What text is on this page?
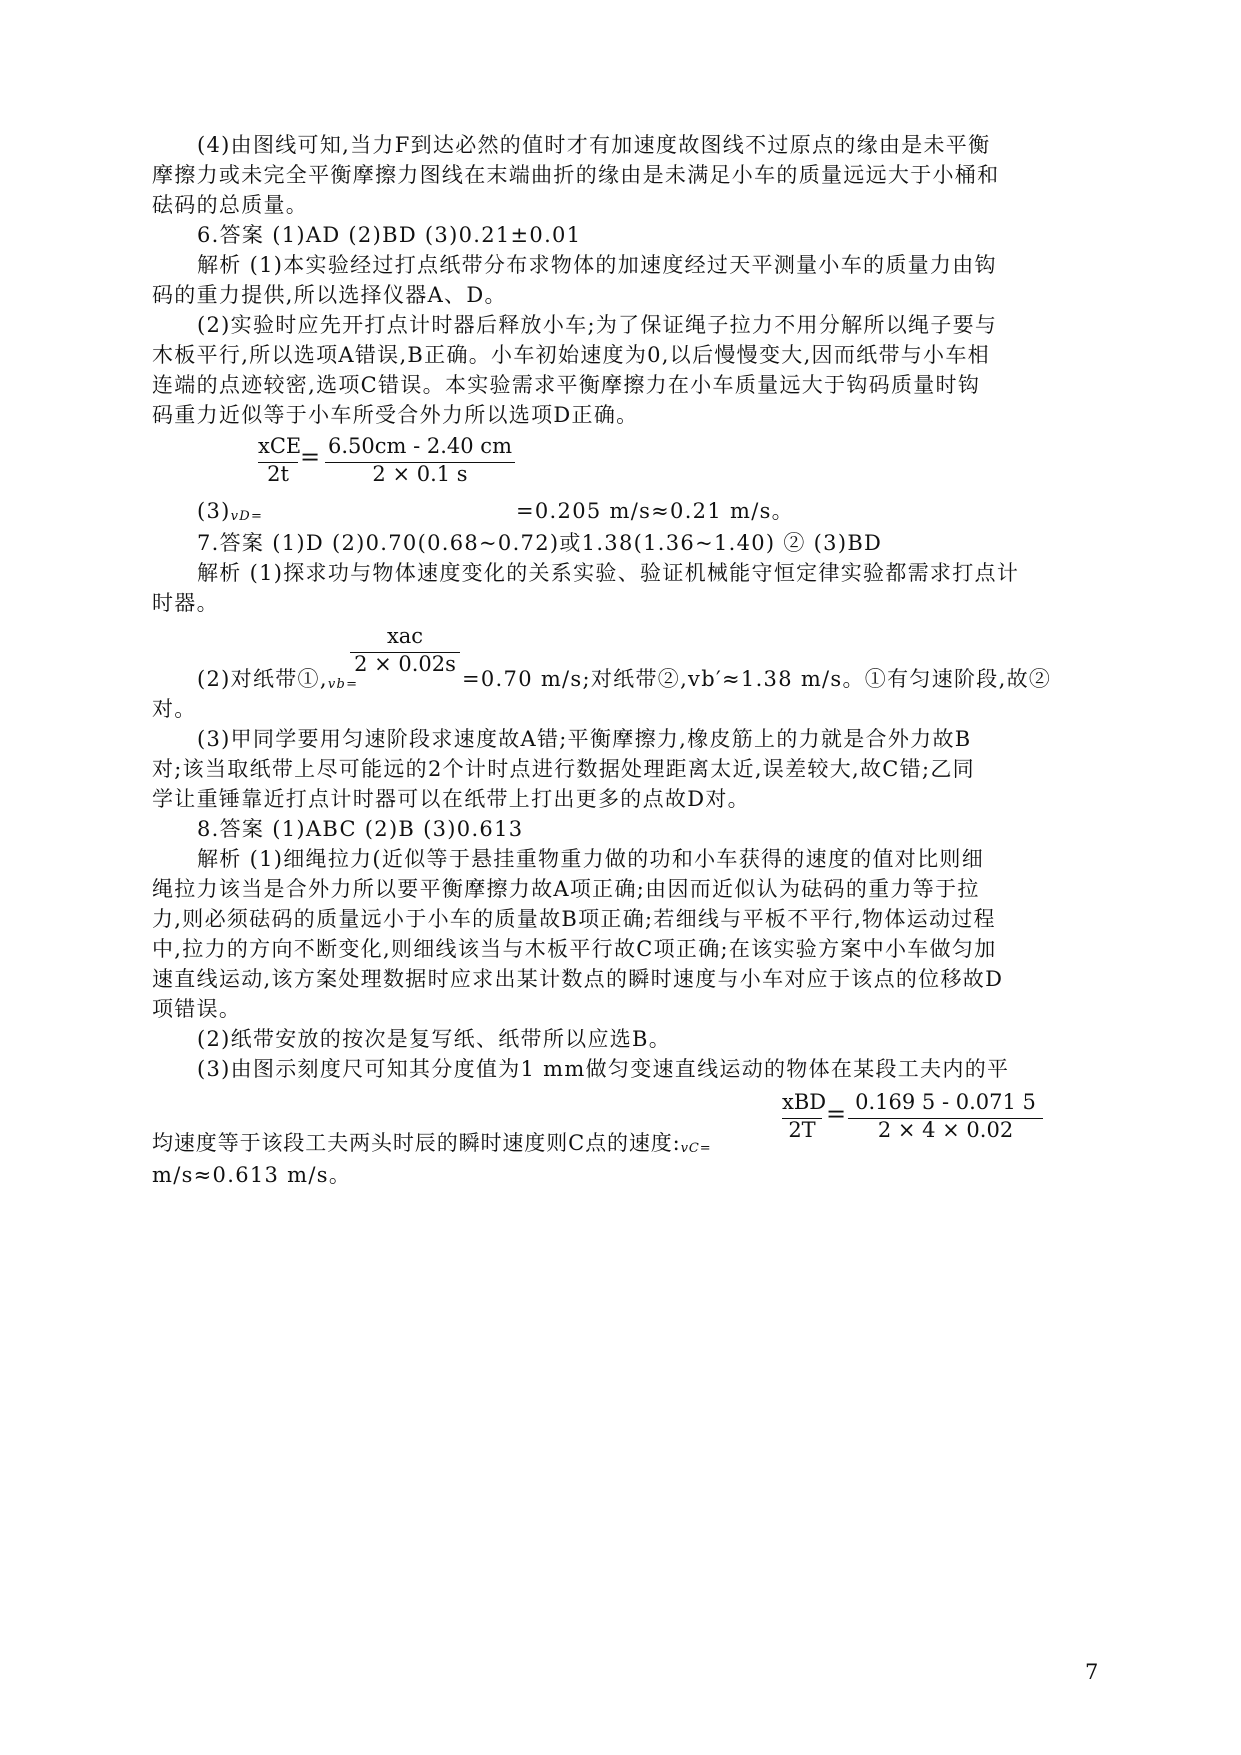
(4)由图线可知,当力F到达必然的值时才有加速度故图线不过原点的缘由是未平衡
摩擦力或未完全平衡摩擦力图线在末端曲折的缘由是未满足小车的质量远远大于小桶和
砝码的总质量。
6.答案 (1)AD (2)BD (3)0.21±0.01
解析 (1)本实验经过打点纸带分布求物体的加速度经过天平测量小车的质量力由钩
码的重力提供,所以选择仪器A、D。
(2)实验时应先开打点计时器后释放小车;为了保证绳子拉力不用分解所以绳子要与
木板平行,所以选项A错误,B正确。小车初始速度为0,以后慢慢变大,因而纸带与小车相
连端的点迹较密,选项C错误。本实验需求平衡摩擦力在小车质量远大于钩码质量时钩
码重力近似等于小车所受合外力所以选项D正确。
xCE
2t
= 6.50cm - 2.40 cm
2 × 0.1 s
(3)vD=	=0.205 m/s≈0.21 m/s。
7.答案 (1)D (2)0.70(0.68~0.72)或1.38(1.36~1.40) ② (3)BD
解析 (1)探求功与物体速度变化的关系实验、验证机械能守恒定律实验都需求打点计
时器。
xac
2 × 0.02s
(2)对纸带①,vb=	=0.70 m/s;对纸带②,vb′≈1.38 m/s。①有匀速阶段,故②
对。
(3)甲同学要用匀速阶段求速度故A错;平衡摩擦力,橡皮筋上的力就是合外力故B
对;该当取纸带上尽可能远的2个计时点进行数据处理距离太近,误差较大,故C错;乙同
学让重锤靠近打点计时器可以在纸带上打出更多的点故D对。
8.答案 (1)ABC (2)B (3)0.613
解析 (1)细绳拉力(近似等于悬挂重物重力做的功和小车获得的速度的值对比则细
绳拉力该当是合外力所以要平衡摩擦力故A项正确;由因而近似认为砝码的重力等于拉
力,则必须砝码的质量远小于小车的质量故B项正确;若细线与平板不平行,物体运动过程
中,拉力的方向不断变化,则细线该当与木板平行故C项正确;在该实验方案中小车做匀加
速直线运动,该方案处理数据时应求出某计数点的瞬时速度与小车对应于该点的位移故D
项错误。
(2)纸带安放的按次是复写纸、纸带所以应选B。
(3)由图示刻度尺可知其分度值为1 mm做匀变速直线运动的物体在某段工夫内的平
xBD
2T
= 0.169 5 - 0.071 5
2 × 4 × 0.02
均速度等于该段工夫两头时辰的瞬时速度则C点的速度:vC=
m/s≈0.613 m/s。
7
